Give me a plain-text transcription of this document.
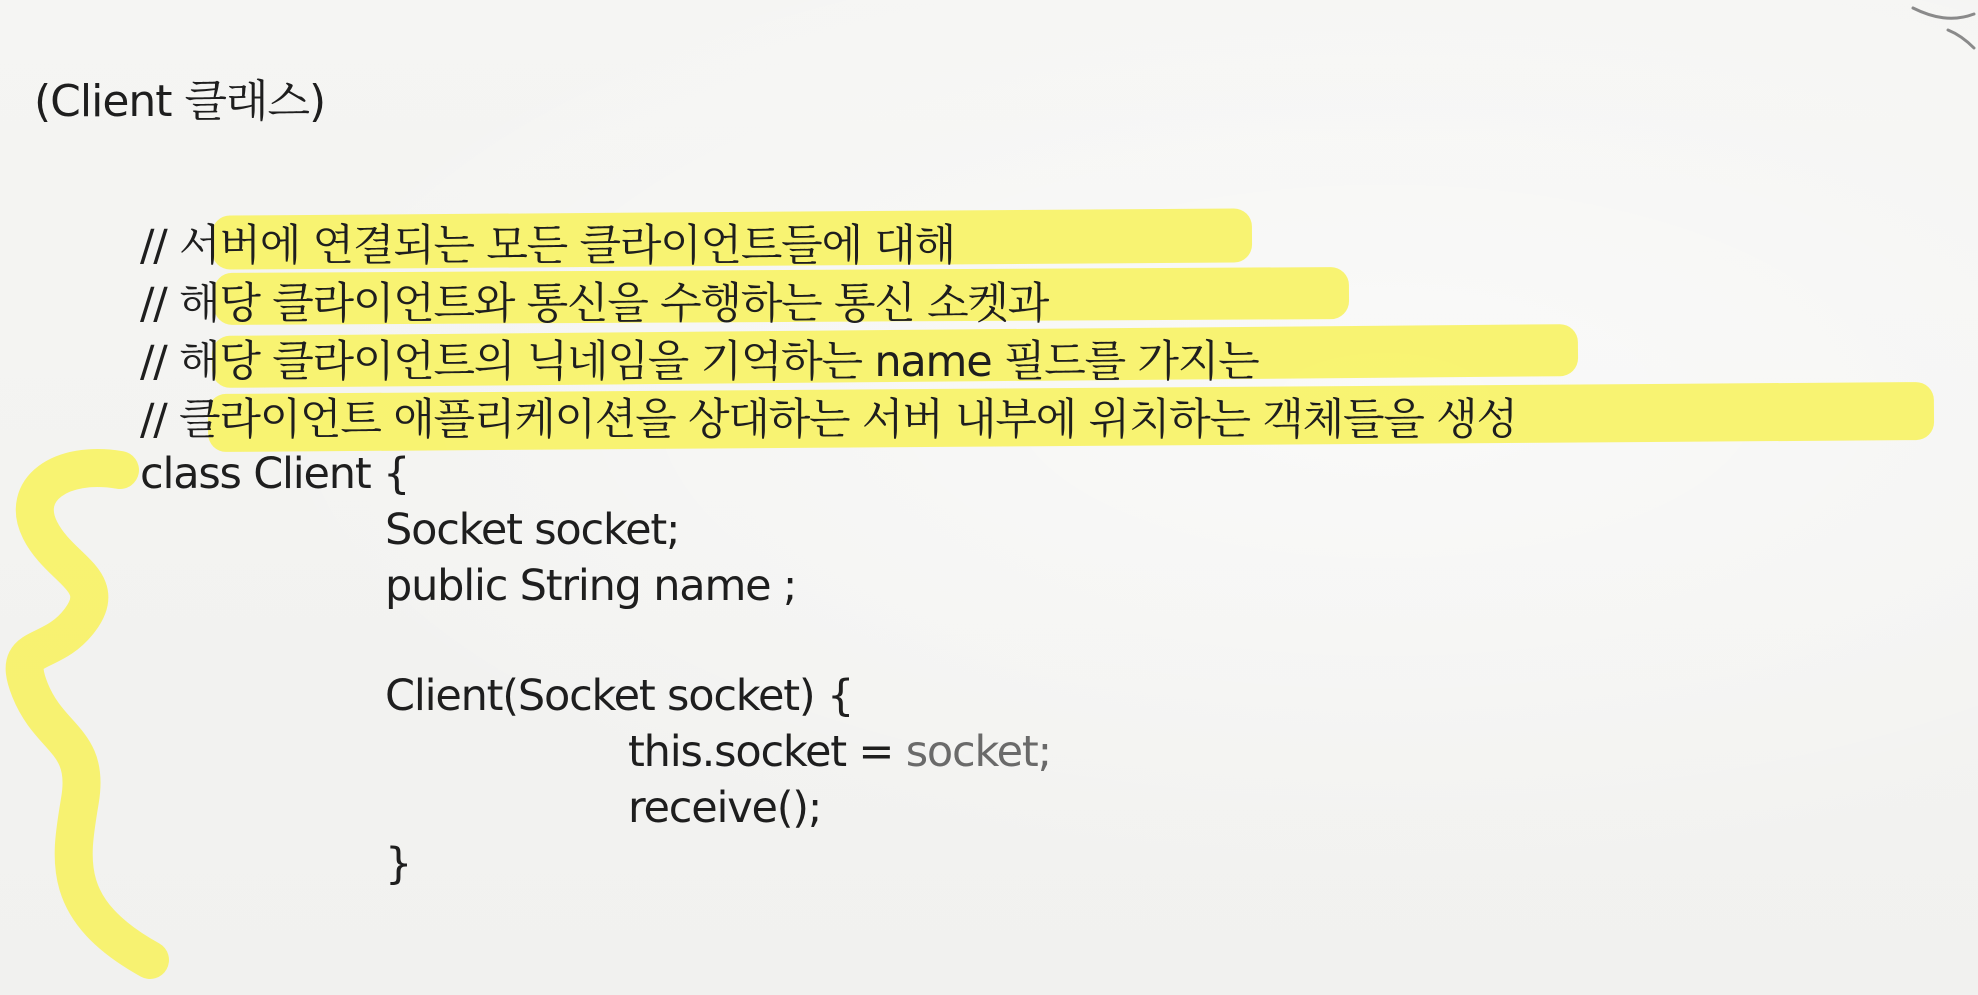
(Client 클래스)
// 서버에 연결되는 모든 클라이언트들에 대해
// 해당 클라이언트와 통신을 수행하는 통신 소켓과
// 해당 클라이언트의 닉네임을 기억하는 name 필드를 가지는
// 클라이언트 애플리케이션을 상대하는 서버 내부에 위치하는 객체들을 생성
class Client {
Socket socket;
public String name ;
Client(Socket socket) {
this.socket = socket;
receive();
}
